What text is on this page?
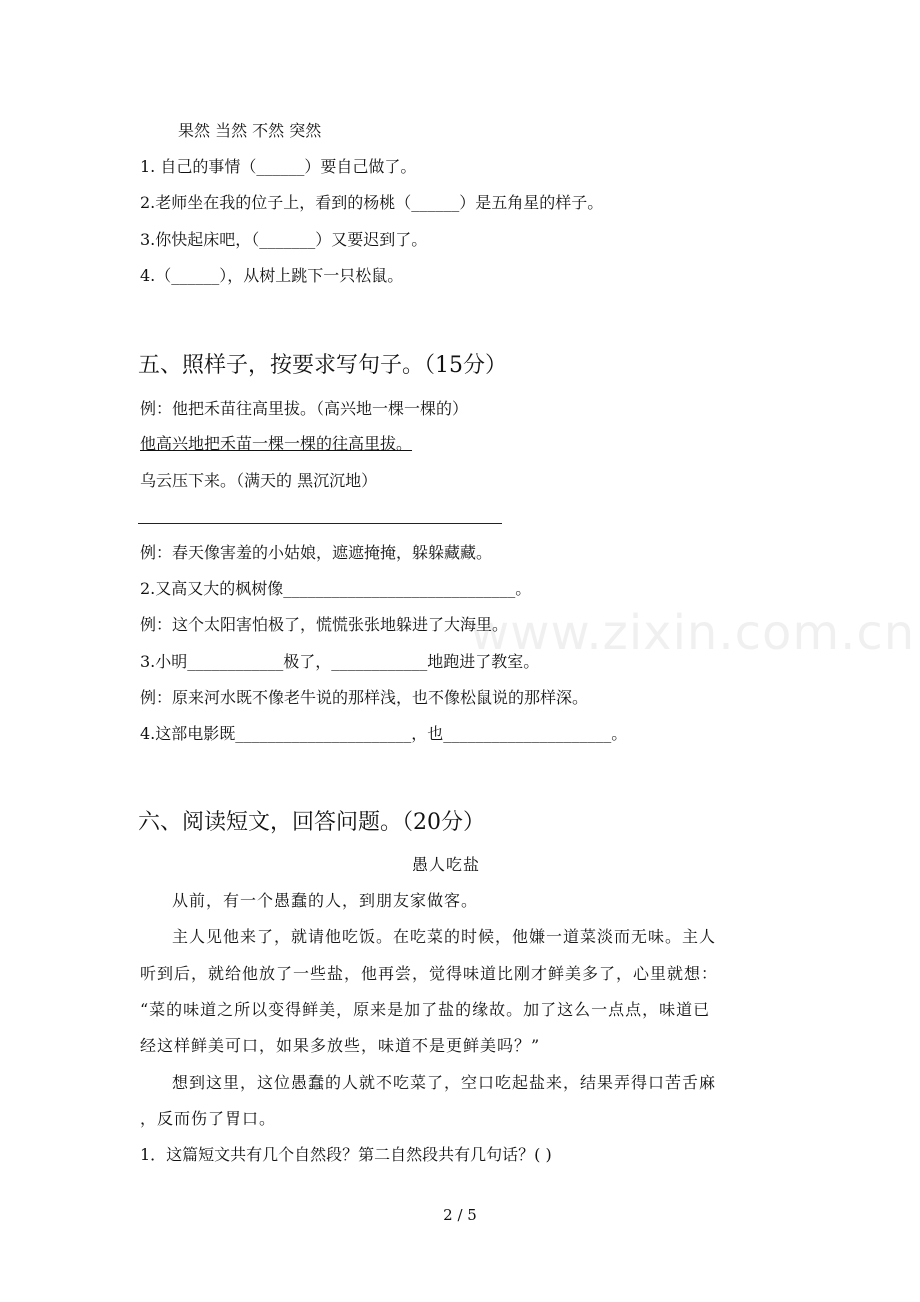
www.zixin.com.cn
果然 当然 不然 突然
1. 自己的事情（______）要自己做了。
2.老师坐在我的位子上，看到的杨桃（______）是五角星的样子。
3.你快起床吧，（_______）又要迟到了。
4.（______），从树上跳下一只松鼠。
五、照样子，按要求写句子。（15分）
例：他把禾苗往高里拔。（高兴地一棵一棵的）
他高兴地把禾苗一棵一棵的往高里拔。
乌云压下来。（满天的 黑沉沉地）
例：春天像害羞的小姑娘，遮遮掩掩，躲躲藏藏。
2.又高又大的枫树像_____________________________。
例：这个太阳害怕极了，慌慌张张地躲进了大海里。
3.小明____________极了，____________地跑进了教室。
例：原来河水既不像老牛说的那样浅，也不像松鼠说的那样深。
4.这部电影既______________________，也_____________________。
六、阅读短文，回答问题。（20分）
愚人吃盐
从前，有一个愚蠢的人，到朋友家做客。
主人见他来了，就请他吃饭。在吃菜的时候，他嫌一道菜淡而无味。主人
听到后，就给他放了一些盐，他再尝，觉得味道比刚才鲜美多了，心里就想：
“菜的味道之所以变得鲜美，原来是加了盐的缘故。加了这么一点点，味道已
经这样鲜美可口，如果多放些，味道不是更鲜美吗？”
想到这里，这位愚蠢的人就不吃菜了，空口吃起盐来，结果弄得口苦舌麻
，反而伤了胃口。
1．这篇短文共有几个自然段？第二自然段共有几句话？( )
2 / 5
